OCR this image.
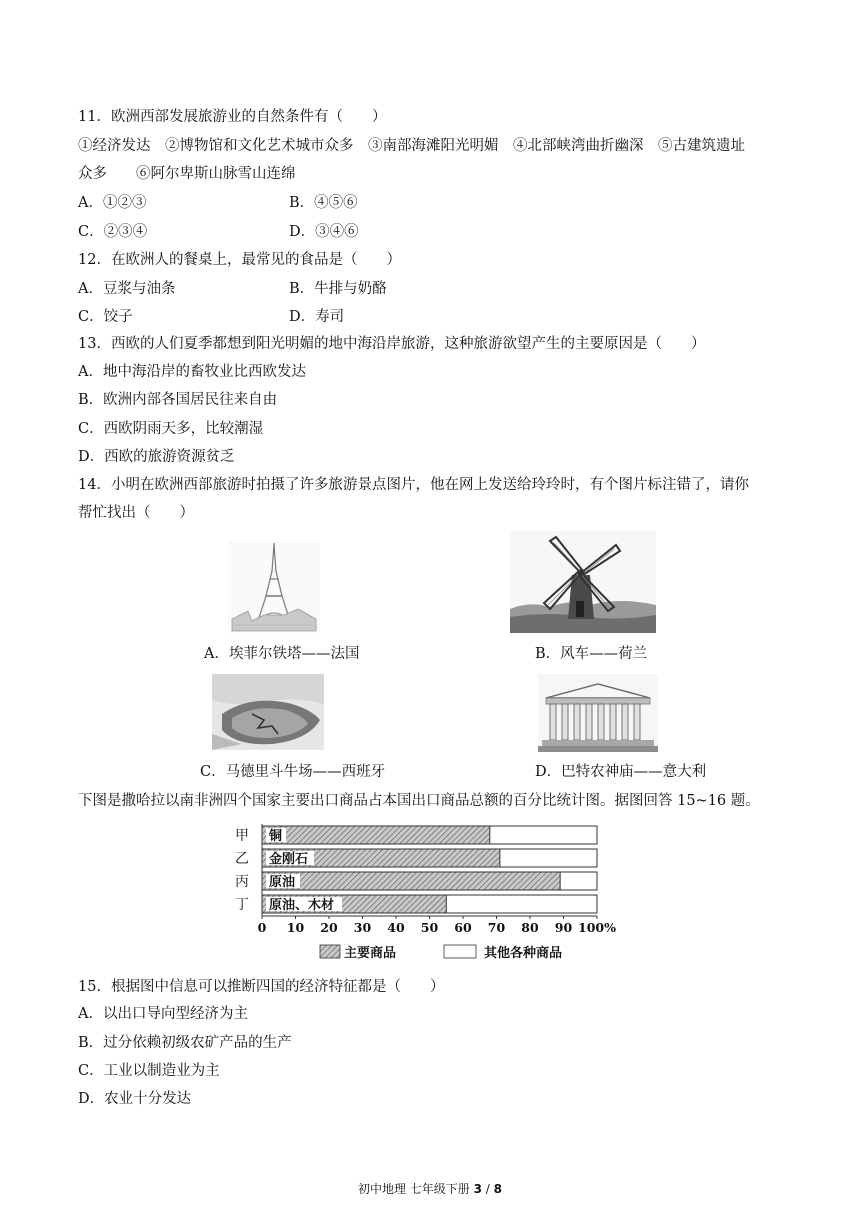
11．欧洲西部发展旅游业的自然条件有（　　）
①经济发达　②博物馆和文化艺术城市众多　③南部海滩阳光明媚　④北部峡湾曲折幽深　⑤古建筑遗址
众多　　⑥阿尔卑斯山脉雪山连绵
A．①②③	B．④⑤⑥
C．②③④	D．③④⑥
12．在欧洲人的餐桌上，最常见的食品是（　　）
A．豆浆与油条	B．牛排与奶酪
C．饺子	D．寿司
13．西欧的人们夏季都想到阳光明媚的地中海沿岸旅游，这种旅游欲望产生的主要原因是（　　）
A．地中海沿岸的畜牧业比西欧发达
B．欧洲内部各国居民往来自由
C．西欧阴雨天多，比较潮湿
D．西欧的旅游资源贫乏
14．小明在欧洲西部旅游时拍摄了许多旅游景点图片，他在网上发送给玲玲时，有个图片标注错了，请你
帮忙找出（　　）
A．埃菲尔铁塔——法国	B．风车——荷兰
C．马德里斗牛场——西班牙	D．巴特农神庙——意大利
下图是撒哈拉以南非洲四个国家主要出口商品占本国出口商品总额的百分比统计图。据图回答 15~16 题。
甲 铜
乙 金刚石
丙 原油
丁 原油、木材
0 10 20 30 40 50 60 70 80 90 100%
主要商品	其他各种商品
15．根据图中信息可以推断四国的经济特征都是（　　）
A．以出口导向型经济为主
B．过分依赖初级农矿产品的生产
C．工业以制造业为主
D．农业十分发达
初中地理 七年级下册 3 / 8
